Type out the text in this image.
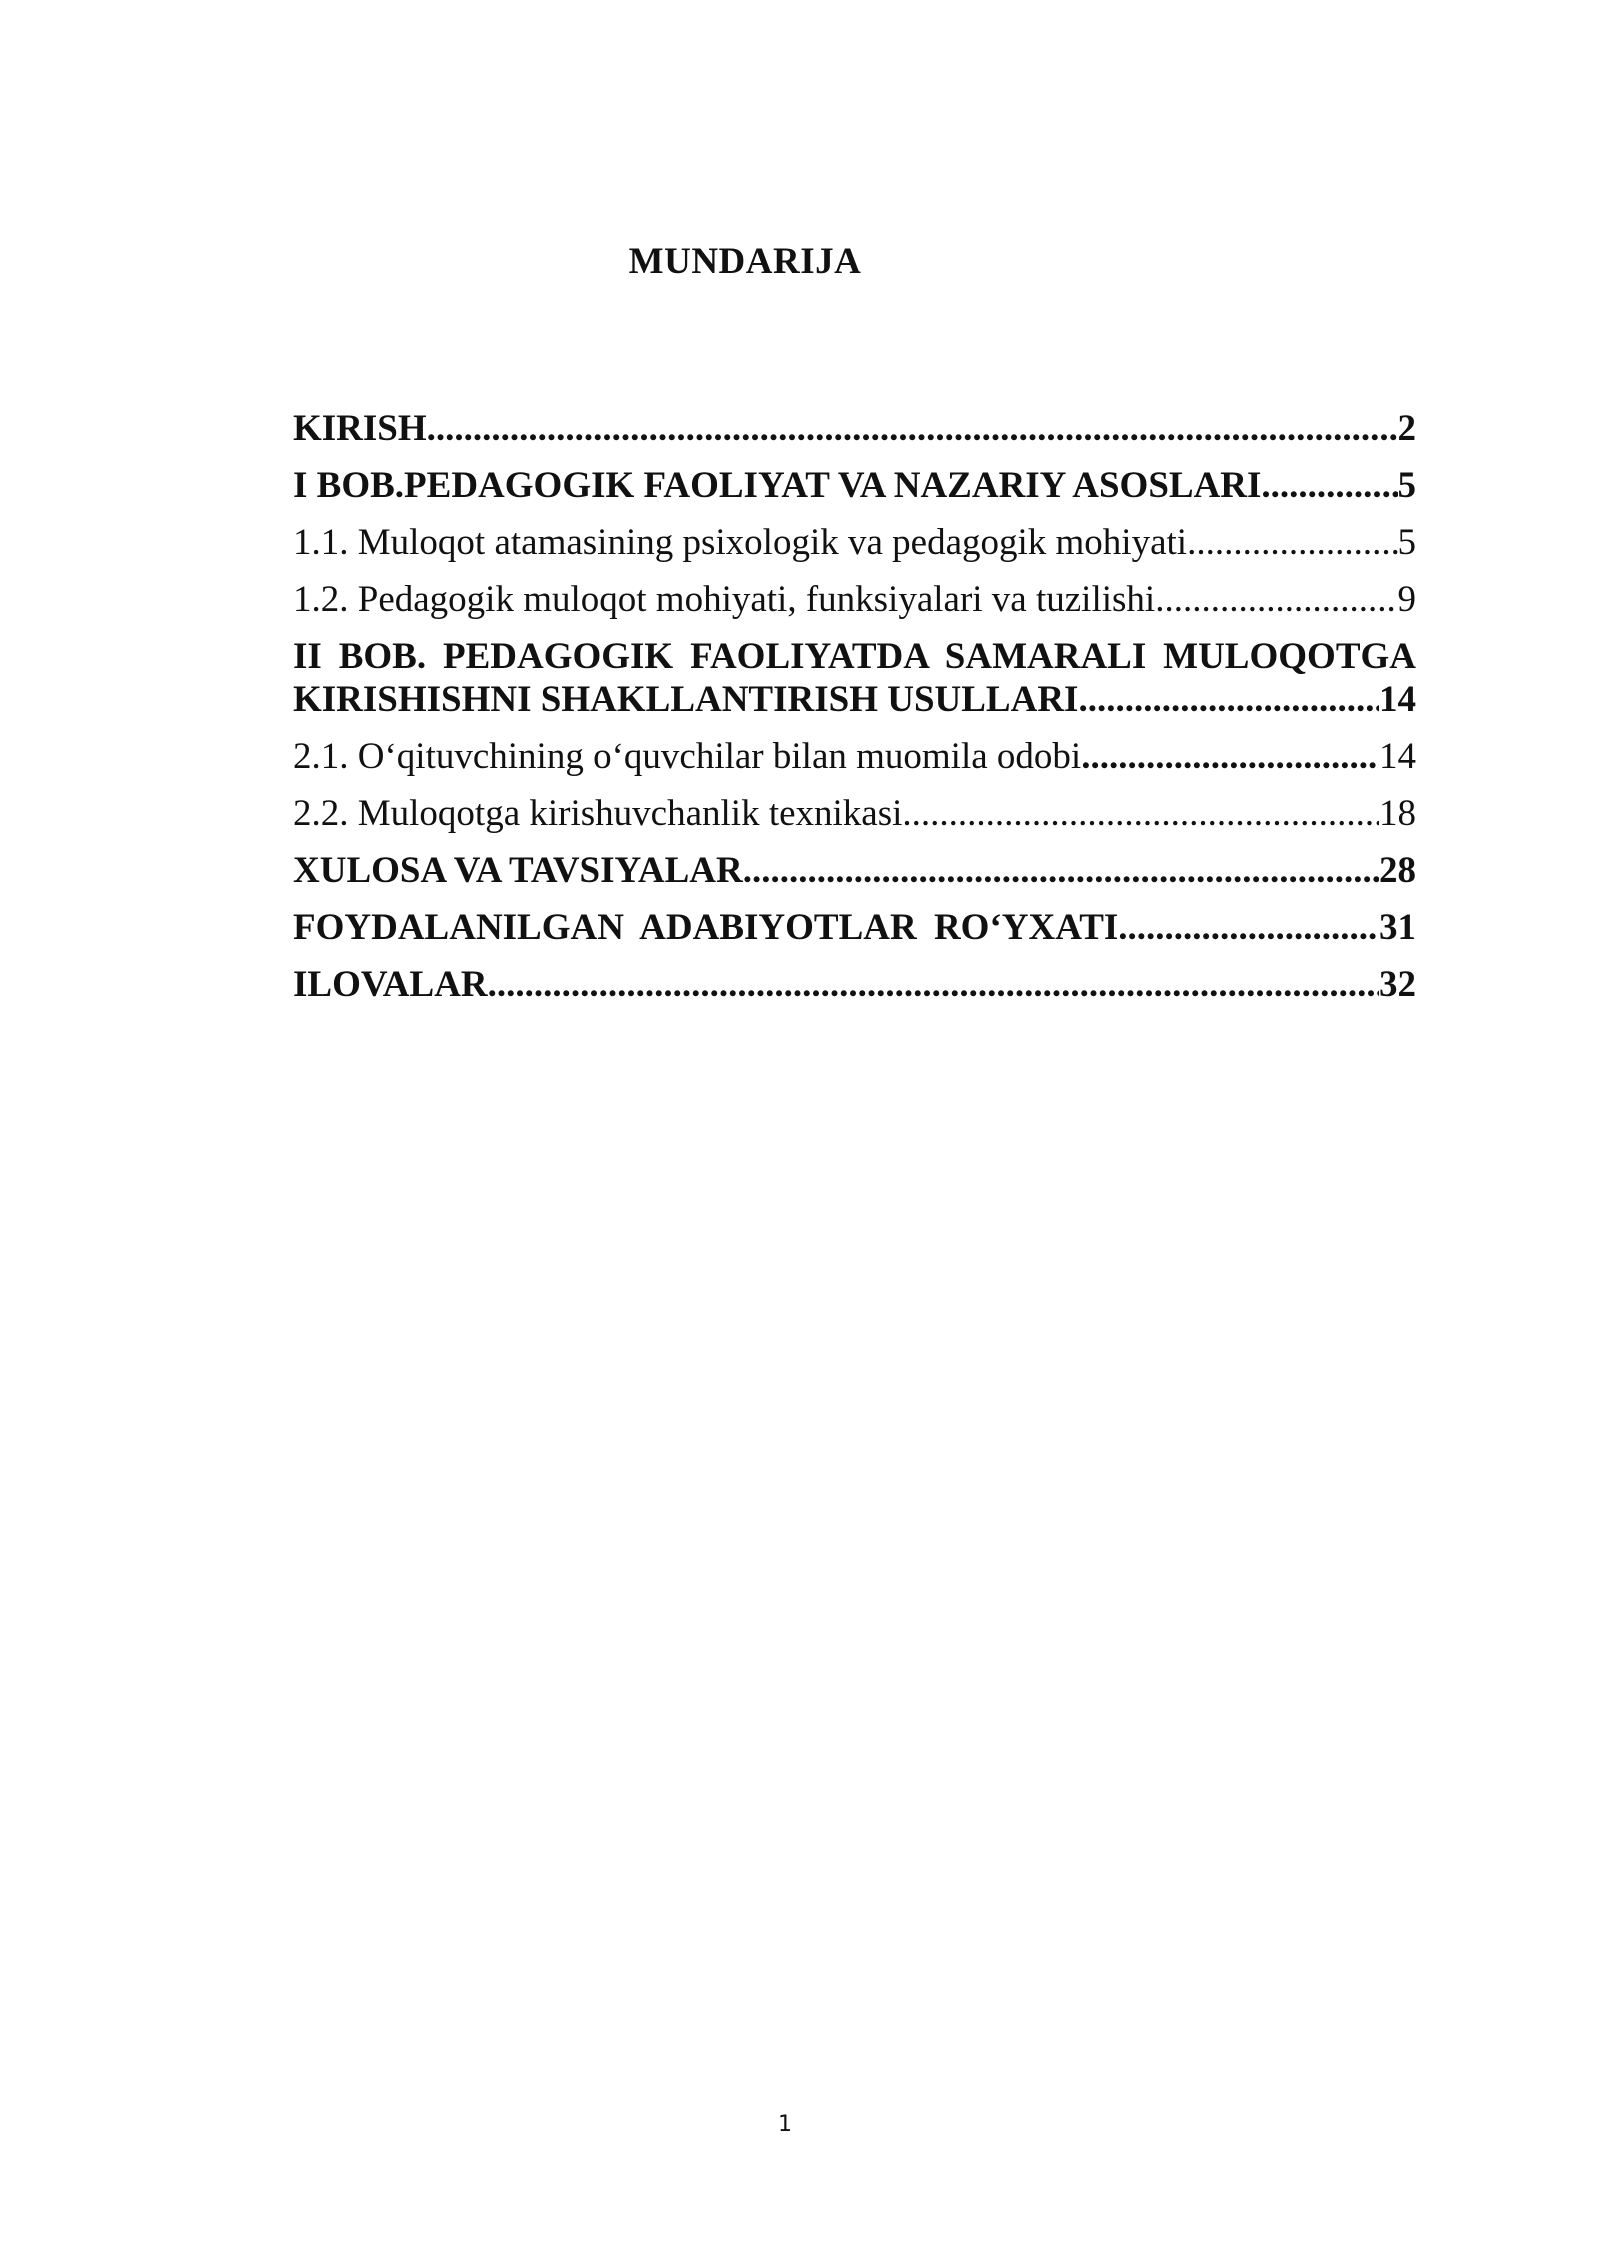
MUNDARIJA
KIRISH .....	2
I BOB.PEDAGOGIK FAOLIYAT VA NAZARIY ASOSLARI .....	5
1.1. Muloqot atamasining psixologik va pedagogik mohiyati .....	5
1.2. Pedagogik muloqot mohiyati, funksiyalari va tuzilishi .....	9
II BOB. PEDAGOGIK FAOLIYATDA SAMARALI MULOQOTGA
KIRISHISHNI SHAKLLANTIRISH USULLARI .....	14
2.1. O‘qituvchining o‘quvchilar bilan muomila odobi .....	14
2.2. Muloqotga kirishuvchanlik texnikasi .....	18
XULOSA VA TAVSIYALAR .....	28
FOYDALANILGAN ADABIYOTLAR RO‘YXATI .....	31
ILOVALAR .....	32
1
